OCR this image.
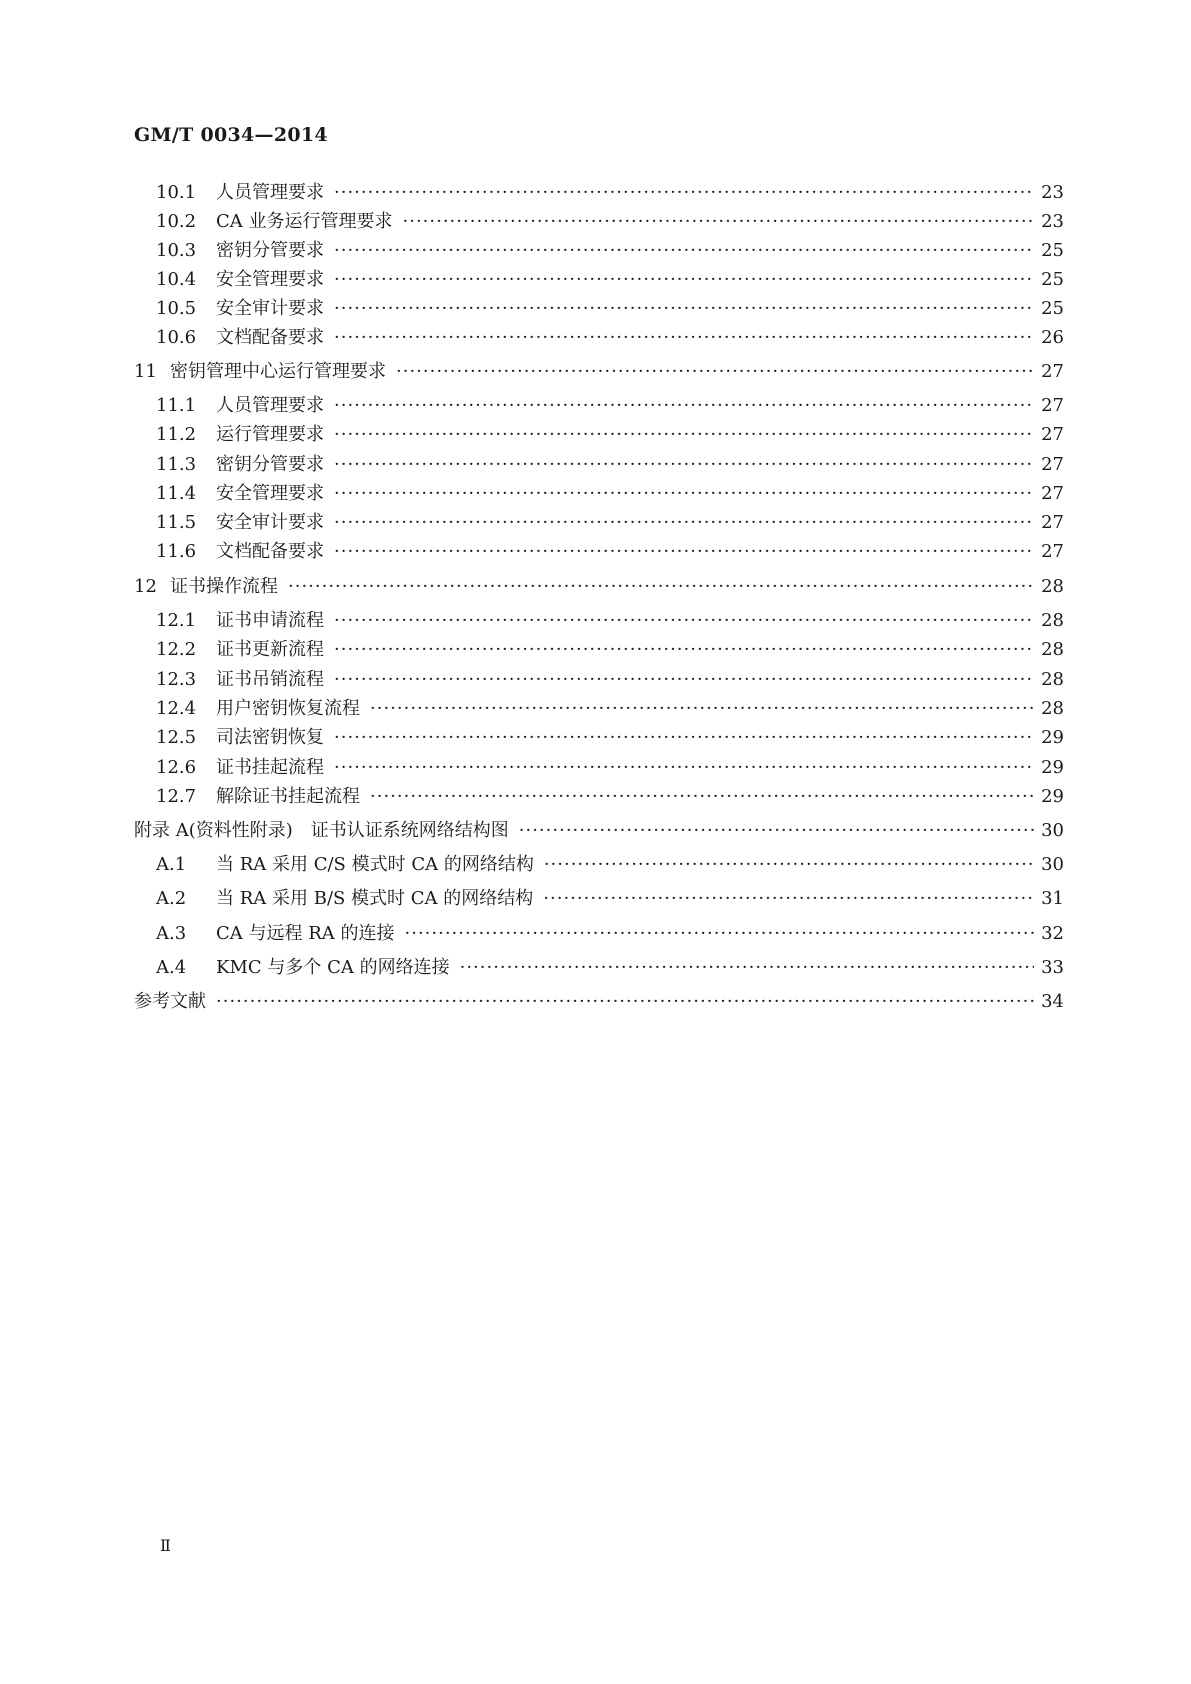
GM/T 0034—2014
10.1	人员管理要求 ·····	23
10.2	CA 业务运行管理要求 ·····	23
10.3	密钥分管要求 ·····	25
10.4	安全管理要求 ·····	25
10.5	安全审计要求 ·····	25
10.6	文档配备要求 ·····	26
11 密钥管理中心运行管理要求 ·····	27
11.1	人员管理要求 ·····	27
11.2	运行管理要求 ·····	27
11.3	密钥分管要求 ·····	27
11.4	安全管理要求 ·····	27
11.5	安全审计要求 ·····	27
11.6	文档配备要求 ·····	27
12 证书操作流程 ·····	28
12.1	证书申请流程 ·····	28
12.2	证书更新流程 ·····	28
12.3	证书吊销流程 ·····	28
12.4	用户密钥恢复流程 ·····	28
12.5	司法密钥恢复 ·····	29
12.6	证书挂起流程 ·····	29
12.7	解除证书挂起流程 ·····	29
附录 A(资料性附录)　证书认证系统网络结构图 ·····	30
A.1	当 RA 采用 C/S 模式时 CA 的网络结构 ·····	30
A.2	当 RA 采用 B/S 模式时 CA 的网络结构 ·····	31
A.3	CA 与远程 RA 的连接 ·····	32
A.4	KMC 与多个 CA 的网络连接 ·····	33
参考文献 ·····	34
Ⅱ
